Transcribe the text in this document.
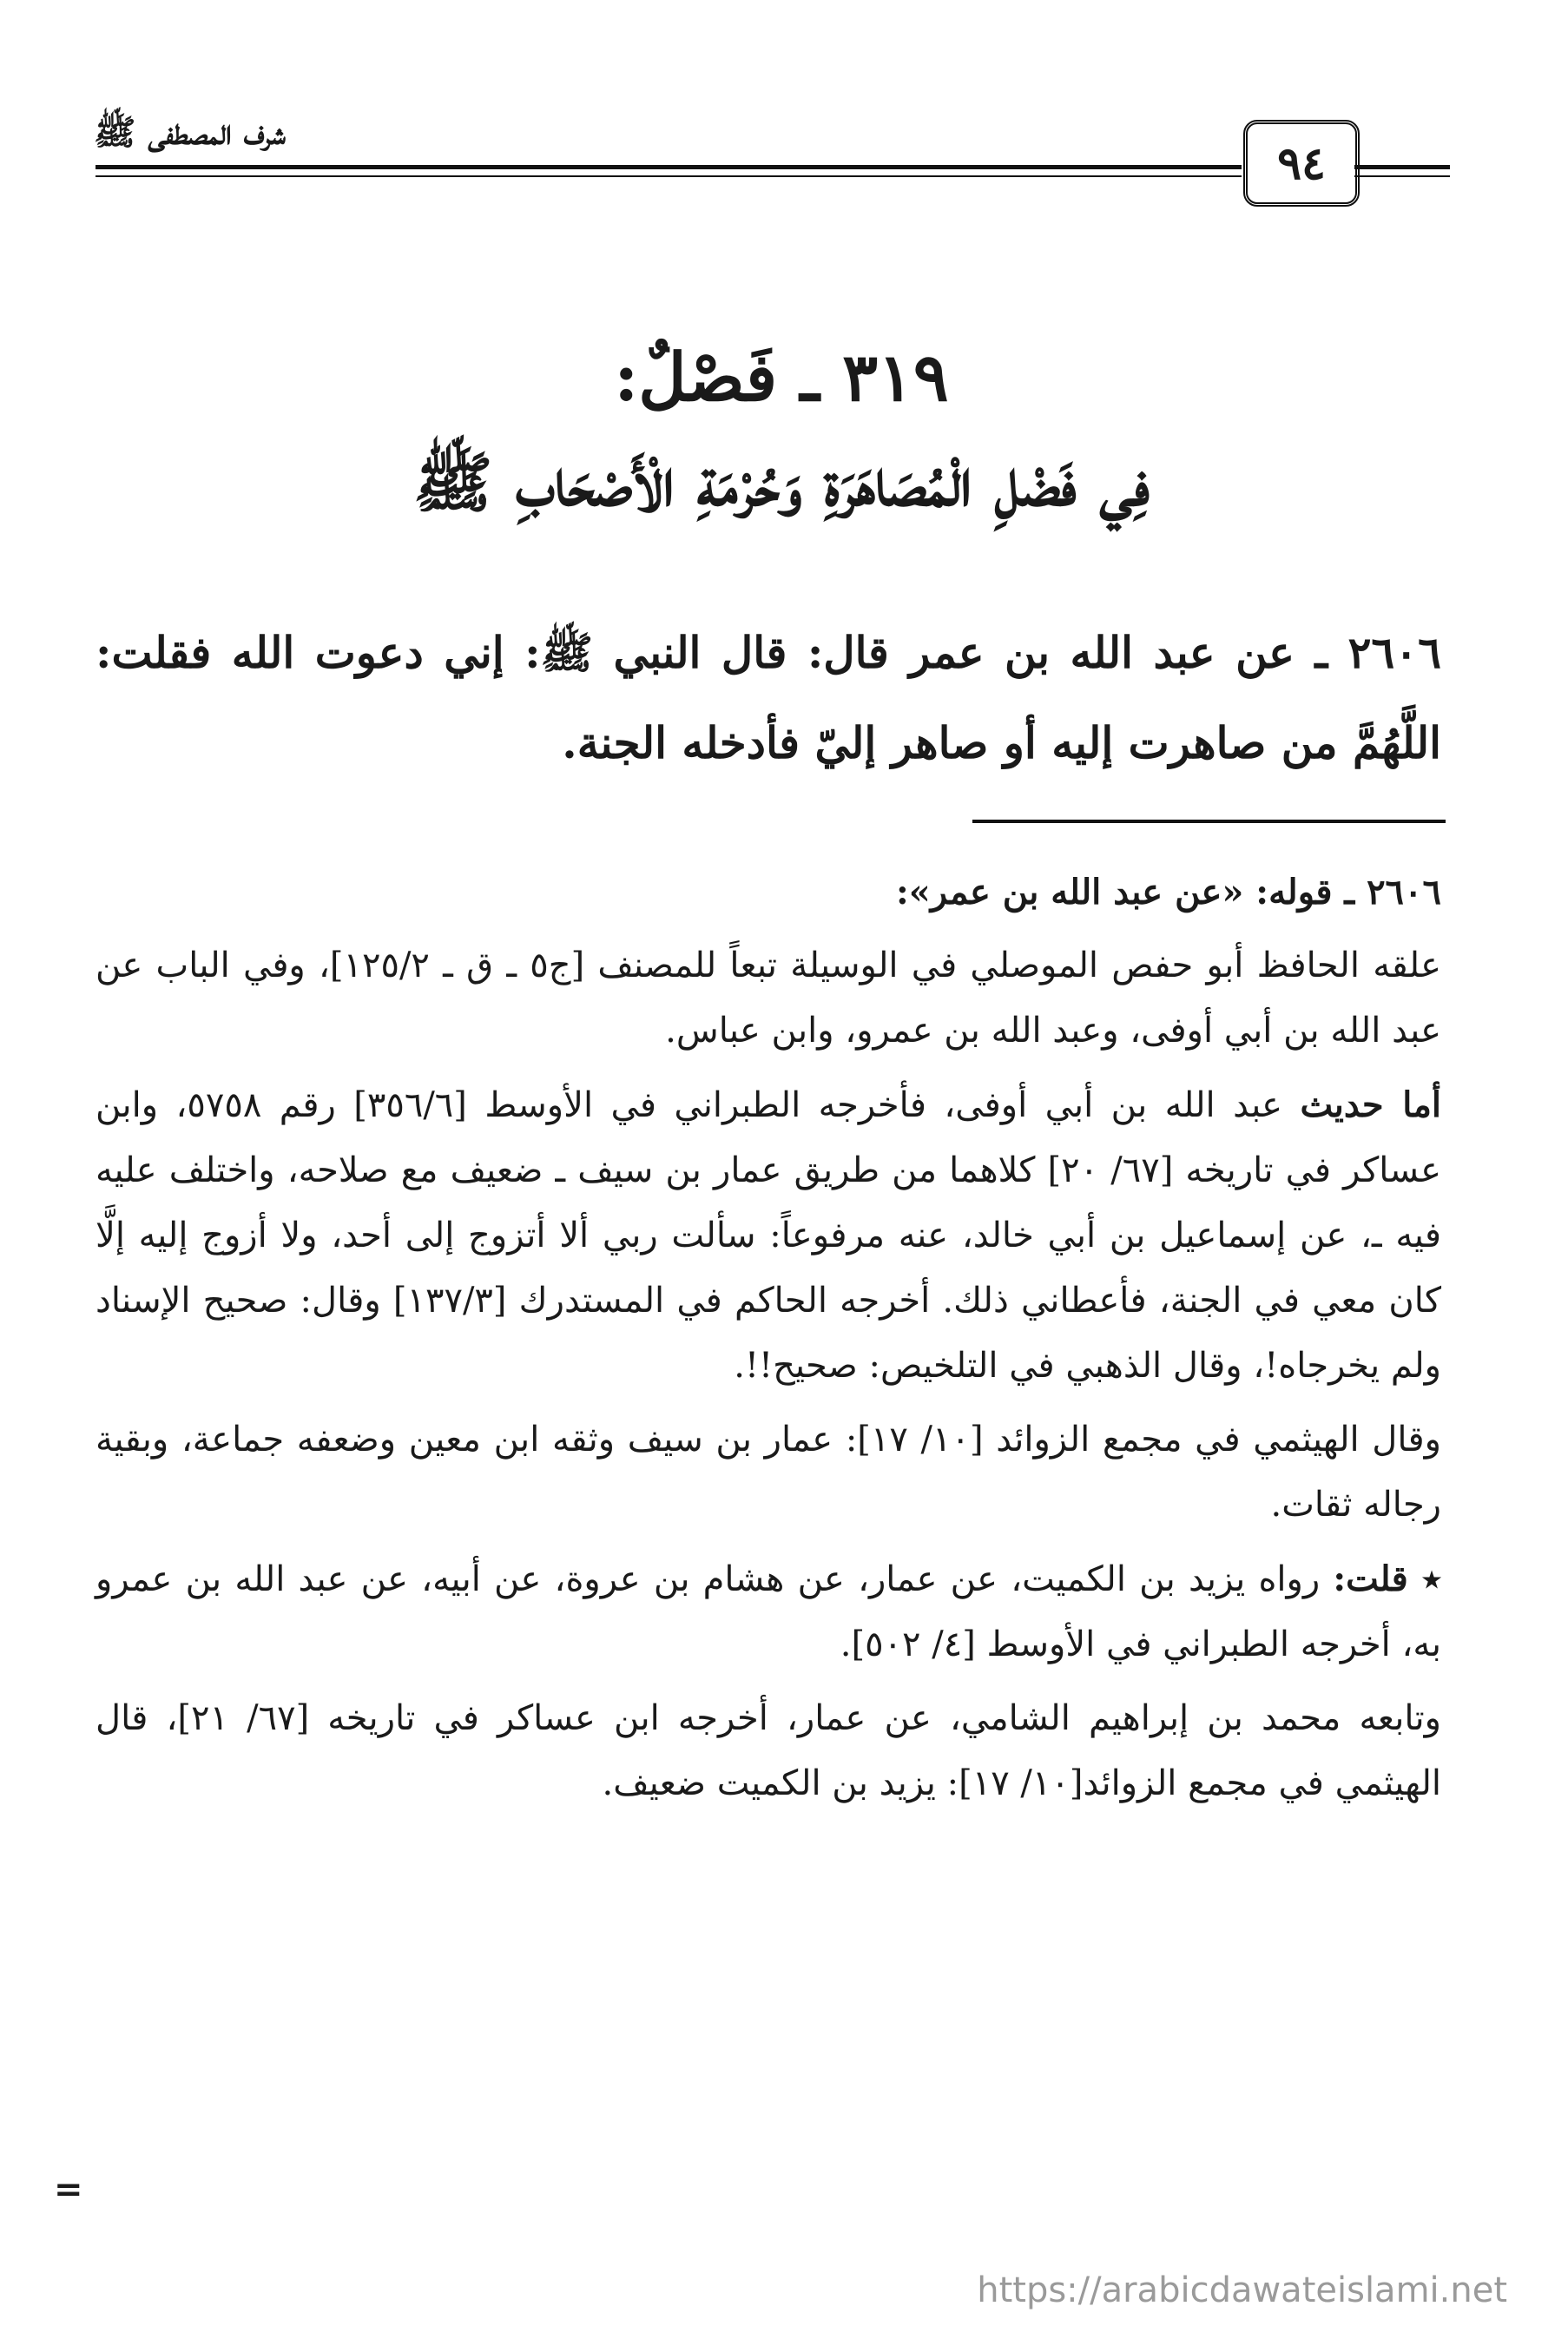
شرف المصطفى ﷺ
٩٤
٣١٩ ـ فَصْلٌ:
فِي فَضْلِ الْمُصَاهَرَةِ وَحُرْمَةِ الْأَصْحَابِ ﷺ
٢٦٠٦ ـ عن عبد الله بن عمر قال: قال النبي ﷺ: إني دعوت الله فقلت: اللَّهُمَّ من صاهرت إليه أو صاهر إليّ فأدخله الجنة.

٢٦٠٦ ـ قوله: «عن عبد الله بن عمر»:

علقه الحافظ أبو حفص الموصلي في الوسيلة تبعاً للمصنف [ج٥ ـ ق ـ ١٢٥/٢]، وفي الباب عن عبد الله بن أبي أوفى، وعبد الله بن عمرو، وابن عباس.

أما حديث عبد الله بن أبي أوفى، فأخرجه الطبراني في الأوسط [٣٥٦/٦] رقم ٥٧٥٨، وابن عساكر في تاريخه [٦٧/ ٢٠] كلاهما من طريق عمار بن سيف ـ ضعيف مع صلاحه، واختلف عليه فيه ـ، عن إسماعيل بن أبي خالد، عنه مرفوعاً: سألت ربي ألا أتزوج إلى أحد، ولا أزوج إليه إلَّا كان معي في الجنة، فأعطاني ذلك. أخرجه الحاكم في المستدرك [١٣٧/٣] وقال: صحيح الإسناد ولم يخرجاه!، وقال الذهبي في التلخيص: صحيح!!.

وقال الهيثمي في مجمع الزوائد [١٠/ ١٧]: عمار بن سيف وثقه ابن معين وضعفه جماعة، وبقية رجاله ثقات.

٭ قلت: رواه يزيد بن الكميت، عن عمار، عن هشام بن عروة، عن أبيه، عن عبد الله بن عمرو به، أخرجه الطبراني في الأوسط [٤/ ٥٠٢].

وتابعه محمد بن إبراهيم الشامي، عن عمار، أخرجه ابن عساكر في تاريخه [٦٧/ ٢١]، قال الهيثمي في مجمع الزوائد[١٠/ ١٧]: يزيد بن الكميت ضعيف.

=
https://arabicdawateislami.net
